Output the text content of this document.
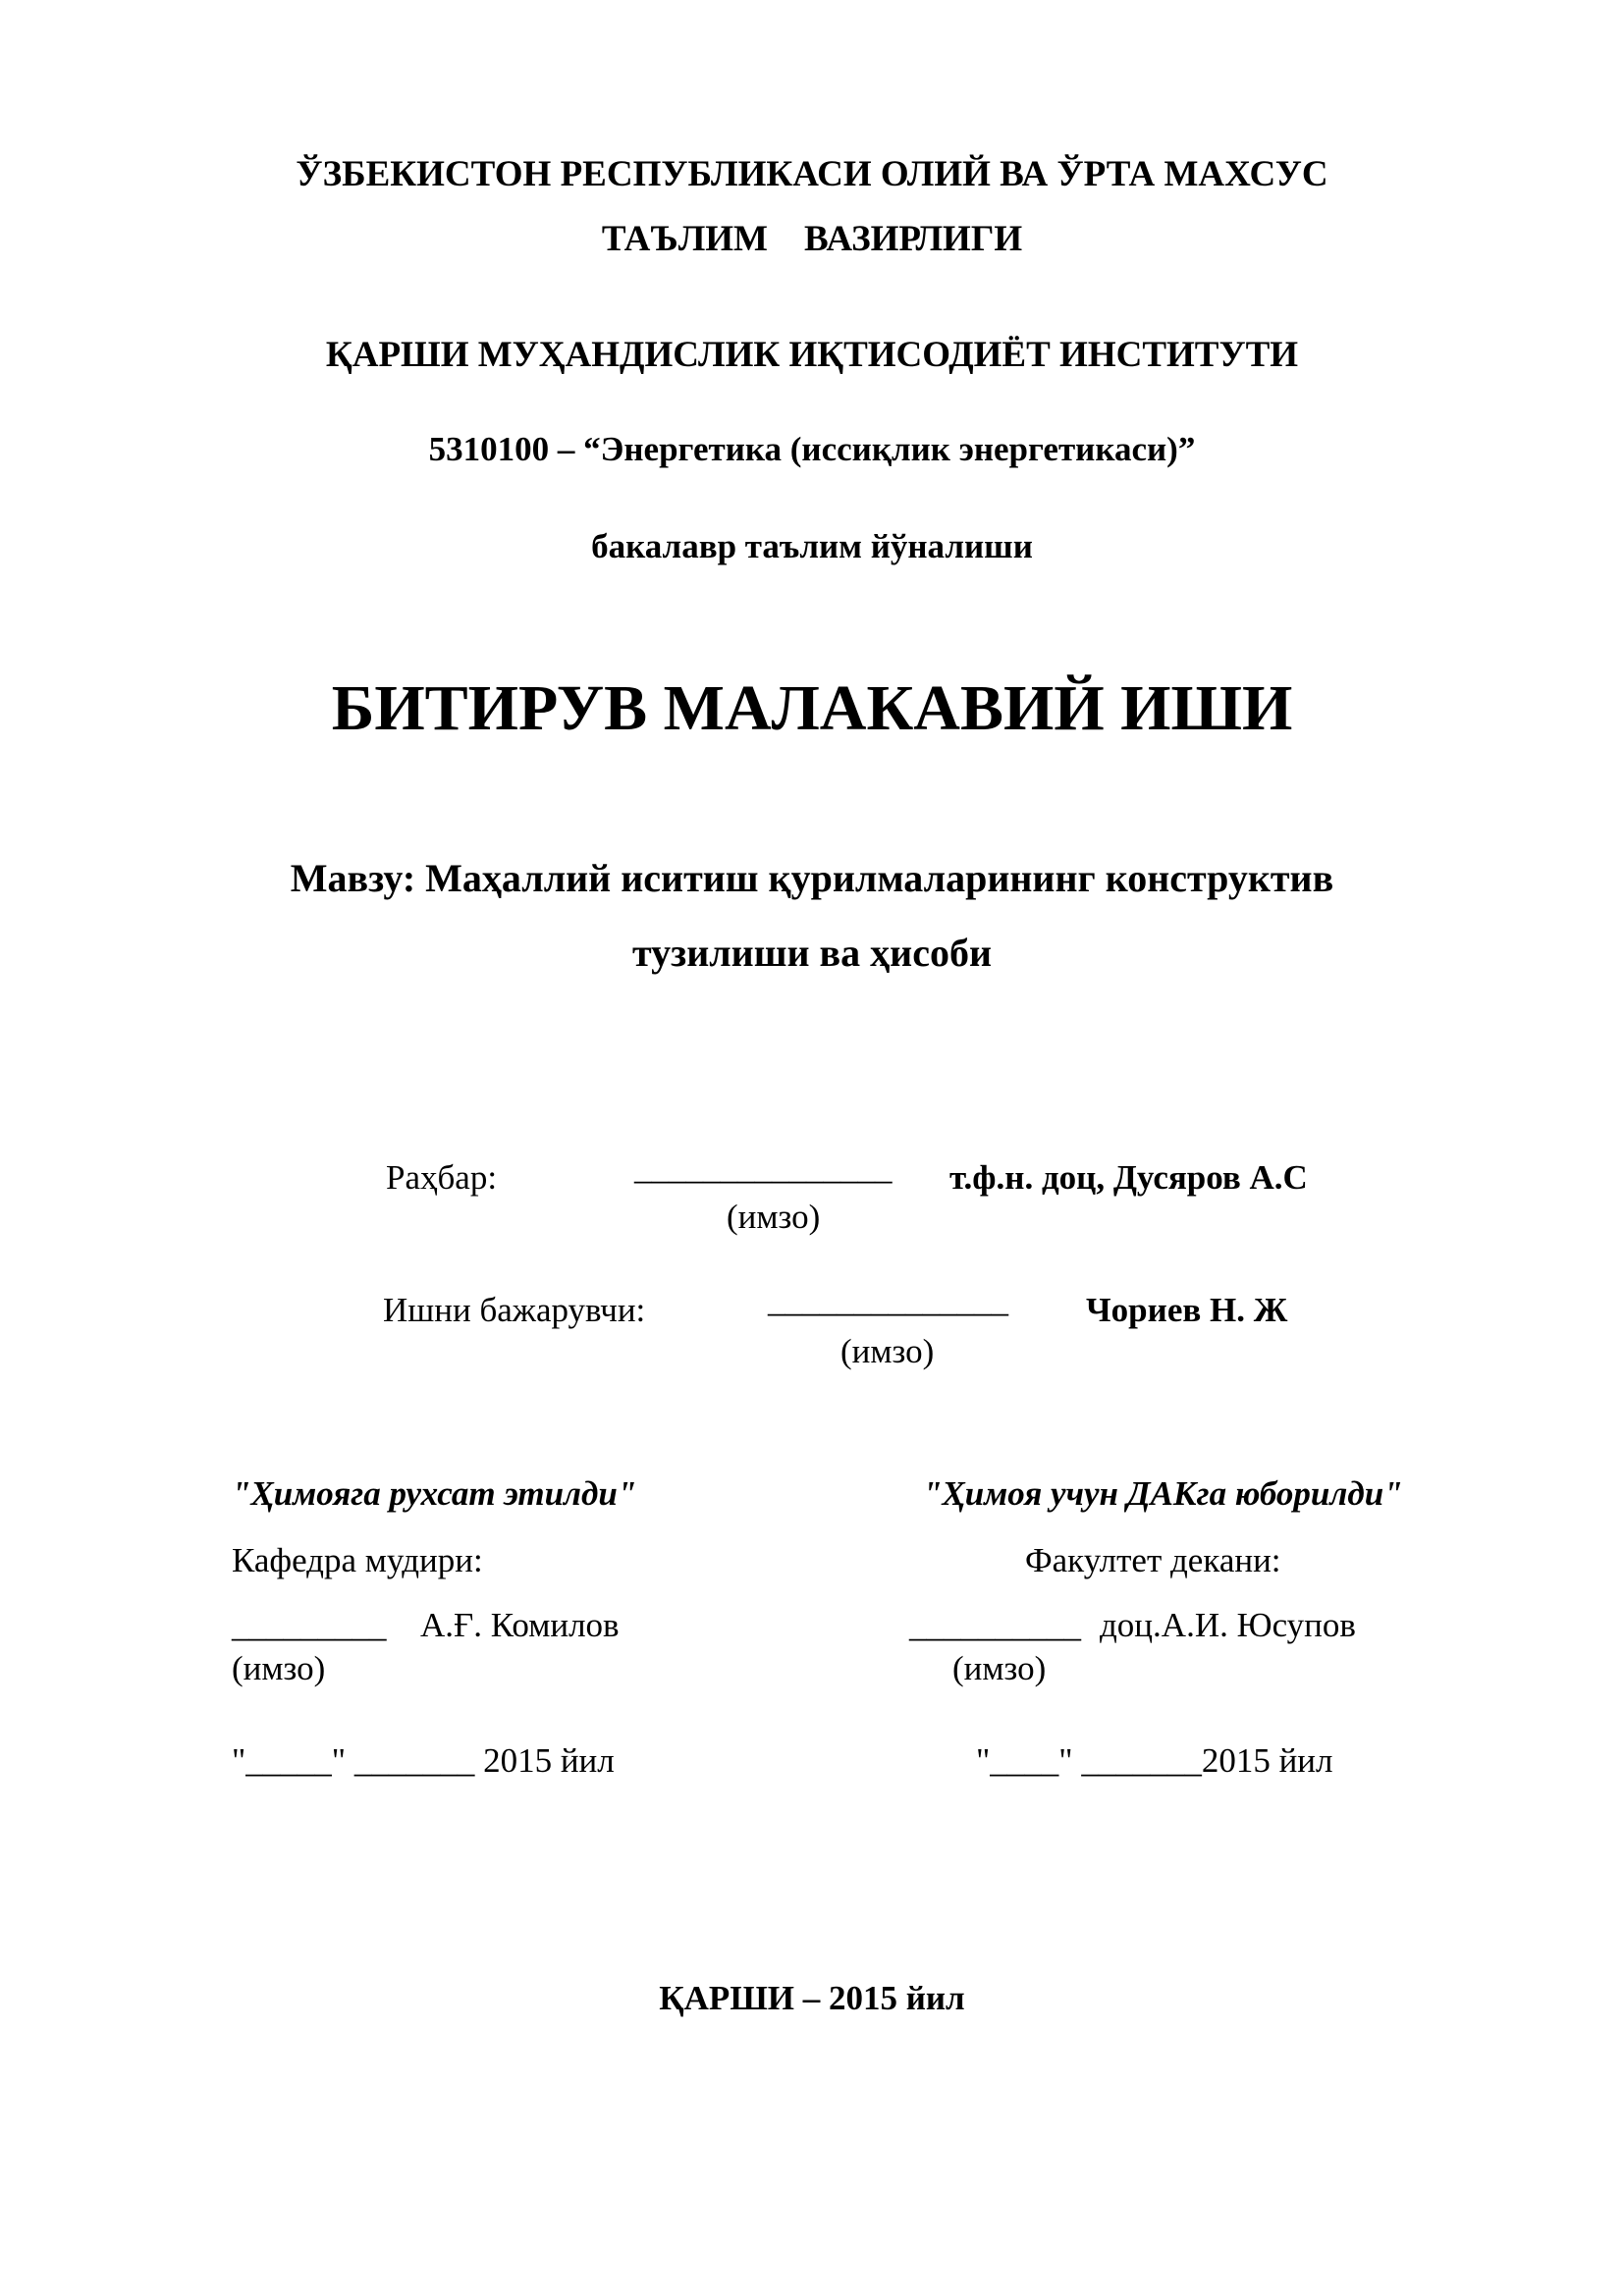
ЎЗБЕКИСТОН РЕСПУБЛИКАСИ ОЛИЙ ВА ЎРТА МАХСУС
ТАЪЛИМ    ВАЗИРЛИГИ
ҚАРШИ МУҲАНДИСЛИК ИҚТИСОДИЁТ ИНСТИТУТИ
5310100 – “Энергетика (иссиқлик энергетикаси)”
бакалавр таълим йўналиши
БИТИРУВ МАЛАКАВИЙ ИШИ
Мавзу: Маҳаллий иситиш қурилмаларининг конструктив
тузилиши ва ҳисоби
Раҳбар:	_______________ т.ф.н. доц, Дусяров А.С
(имзо)
Ишни бажарувчи:	______________ Чориев Н. Ж
(имзо)
"Ҳимояга рухсат этилди"
Кафедра мудири:
_________ А.Ғ. Комилов
(имзо)
"_____" _______ 2015 йил
"Ҳимоя учун ДАКга юборилди"
Факултет декани:
__________ доц.А.И. Юсупов
(имзо)
"____" _______2015 йил
ҚАРШИ – 2015 йил
